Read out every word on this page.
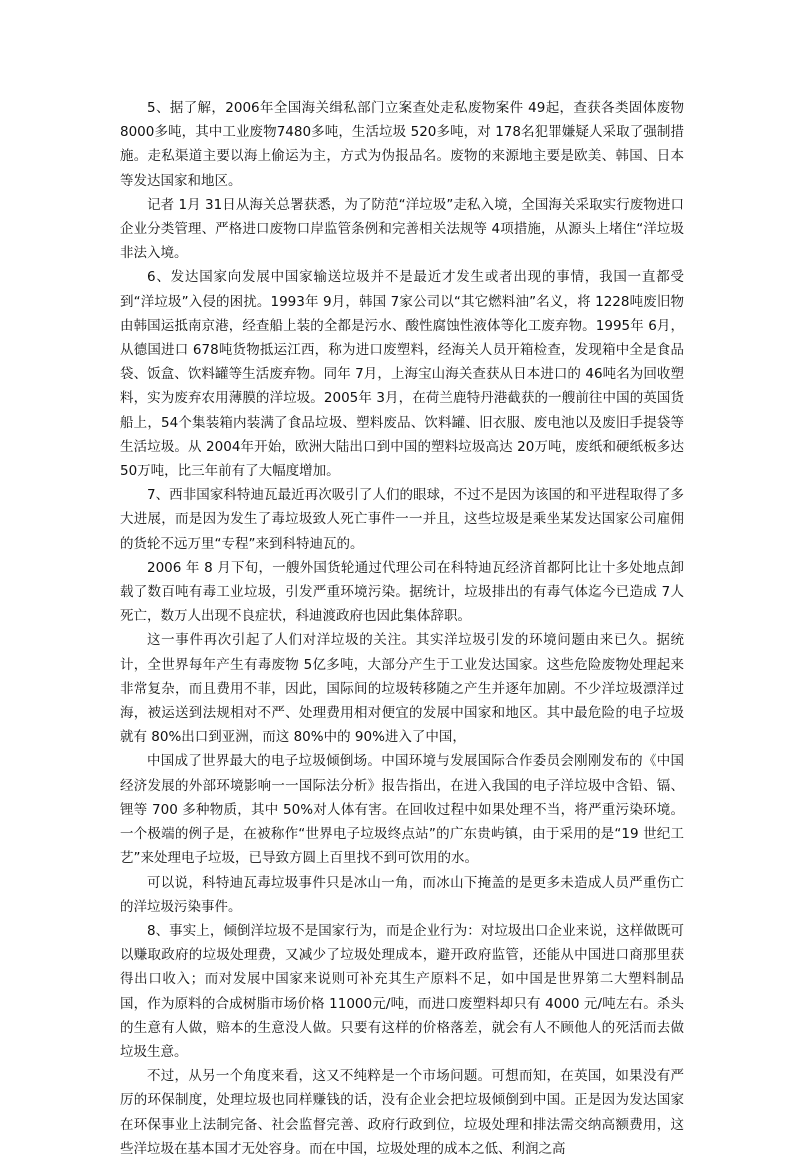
5、据了解，2006年全国海关缉私部门立案查处走私废物案件 49起，查获各类固体废物8000多吨，其中工业废物7480多吨，生活垃圾 520多吨，对 178名犯罪嫌疑人采取了强制措施。走私渠道主要以海上偷运为主，方式为伪报品名。废物的来源地主要是欧美、韩国、日本等发达国家和地区。

记者 1月 31日从海关总署获悉，为了防范“洋垃圾”走私入境，全国海关采取实行废物进口企业分类管理、严格进口废物口岸监管条例和完善相关法规等 4项措施，从源头上堵住“洋垃圾非法入境。

6、发达国家向发展中国家输送垃圾并不是最近才发生或者出现的事情，我国一直都受到“洋垃圾”入侵的困扰。1993年 9月，韩国 7家公司以“其它燃料油”名义，将 1228吨废旧物由韩国运抵南京港，经查船上装的全都是污水、酸性腐蚀性液体等化工废弃物。1995年 6月，从德国进口 678吨货物抵运江西，称为进口废塑料，经海关人员开箱检查，发现箱中全是食品袋、饭盒、饮料罐等生活废弃物。同年 7月，上海宝山海关查获从日本进口的 46吨名为回收塑料，实为废弃农用薄膜的洋垃圾。2005年 3月，在荷兰鹿特丹港截获的一艘前往中国的英国货船上，54个集装箱内装满了食品垃圾、塑料废品、饮料罐、旧衣服、废电池以及废旧手提袋等生活垃圾。从 2004年开始，欧洲大陆出口到中国的塑料垃圾高达 20万吨，废纸和硬纸板多达 50万吨，比三年前有了大幅度增加。

7、西非国家科特迪瓦最近再次吸引了人们的眼球，不过不是因为该国的和平进程取得了多大进展，而是因为发生了毒垃圾致人死亡事件一一并且，这些垃圾是乘坐某发达国家公司雇佣的货轮不远万里“专程”来到科特迪瓦的。

2006 年 8 月下旬，一艘外国货轮通过代理公司在科特迪瓦经济首都阿比让十多处地点卸载了数百吨有毒工业垃圾，引发严重环境污染。据统计，垃圾排出的有毒气体迄今已造成 7人死亡，数万人出现不良症状，科迪渡政府也因此集体辞职。

这一事件再次引起了人们对洋垃圾的关注。其实洋垃圾引发的环境问题由来已久。据统计，全世界每年产生有毒废物 5亿多吨，大部分产生于工业发达国家。这些危险废物处理起来非常复杂，而且费用不菲，因此，国际间的垃圾转移随之产生并逐年加剧。不少洋垃圾漂洋过海，被运送到法规相对不严、处理费用相对便宜的发展中国家和地区。其中最危险的电子垃圾就有 80%出口到亚洲，而这 80%中的 90%进入了中国，

中国成了世界最大的电子垃圾倾倒场。中国环境与发展国际合作委员会刚刚发布的《中国经济发展的外部环境影响一一国际法分析》报告指出，在进入我国的电子洋垃圾中含铅、镉、锂等 700 多种物质，其中 50%对人体有害。在回收过程中如果处理不当，将严重污染环境。一个极端的例子是，在被称作“世界电子垃圾终点站”的广东贵屿镇，由于采用的是“19 世纪工艺”来处理电子垃圾，已导致方圆上百里找不到可饮用的水。

可以说，科特迪瓦毒垃圾事件只是冰山一角，而冰山下掩盖的是更多未造成人员严重伤亡的洋垃圾污染事件。

8、事实上，倾倒洋垃圾不是国家行为，而是企业行为：对垃圾出口企业来说，这样做既可以赚取政府的垃圾处理费，又减少了垃圾处理成本，避开政府监管，还能从中国进口商那里获得出口收入；而对发展中国家来说则可补充其生产原料不足，如中国是世界第二大塑料制品国，作为原料的合成树脂市场价格 11000元/吨，而进口废塑料却只有 4000 元/吨左右。杀头的生意有人做，赔本的生意没人做。只要有这样的价格落差，就会有人不顾他人的死活而去做垃圾生意。

不过，从另一个角度来看，这又不纯粹是一个市场问题。可想而知，在英国，如果没有严厉的环保制度，处理垃圾也同样赚钱的话，没有企业会把垃圾倾倒到中国。正是因为发达国家在环保事业上法制完备、社会监督完善、政府行政到位，垃圾处理和排法需交纳高额费用，这些洋垃圾在基本国才无处容身。而在中国，垃圾处理的成本之低、利润之高
